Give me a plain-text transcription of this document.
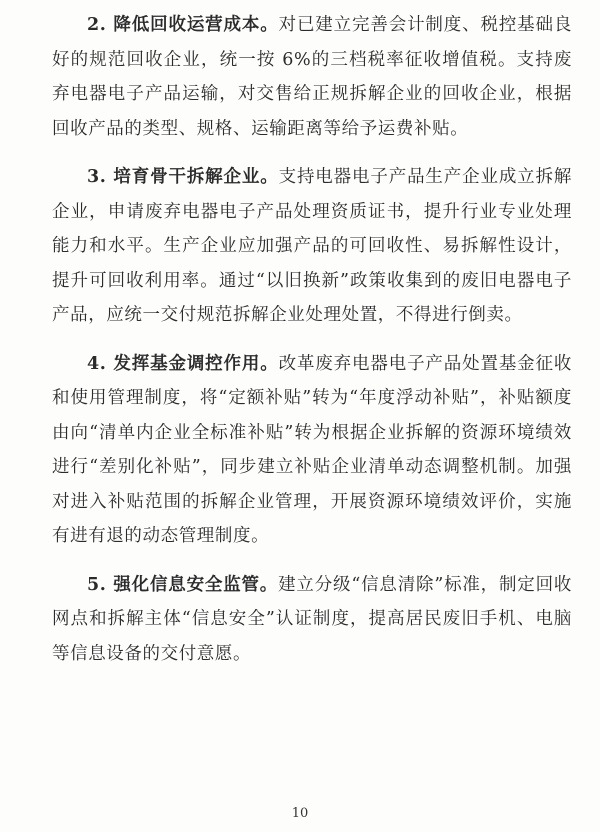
2. 降低回收运营成本。对已建立完善会计制度、税控基础良好的规范回收企业，统一按 6%的三档税率征收增值税。支持废弃电器电子产品运输，对交售给正规拆解企业的回收企业，根据回收产品的类型、规格、运输距离等给予运费补贴。

3. 培育骨干拆解企业。支持电器电子产品生产企业成立拆解企业，申请废弃电器电子产品处理资质证书，提升行业专业处理能力和水平。生产企业应加强产品的可回收性、易拆解性设计，提升可回收利用率。通过“以旧换新”政策收集到的废旧电器电子产品，应统一交付规范拆解企业处理处置，不得进行倒卖。

4. 发挥基金调控作用。改革废弃电器电子产品处置基金征收和使用管理制度，将“定额补贴”转为“年度浮动补贴”，补贴额度由向“清单内企业全标准补贴”转为根据企业拆解的资源环境绩效进行“差别化补贴”，同步建立补贴企业清单动态调整机制。加强对进入补贴范围的拆解企业管理，开展资源环境绩效评价，实施有进有退的动态管理制度。

5. 强化信息安全监管。建立分级“信息清除”标准，制定回收网点和拆解主体“信息安全”认证制度，提高居民废旧手机、电脑等信息设备的交付意愿。

10
